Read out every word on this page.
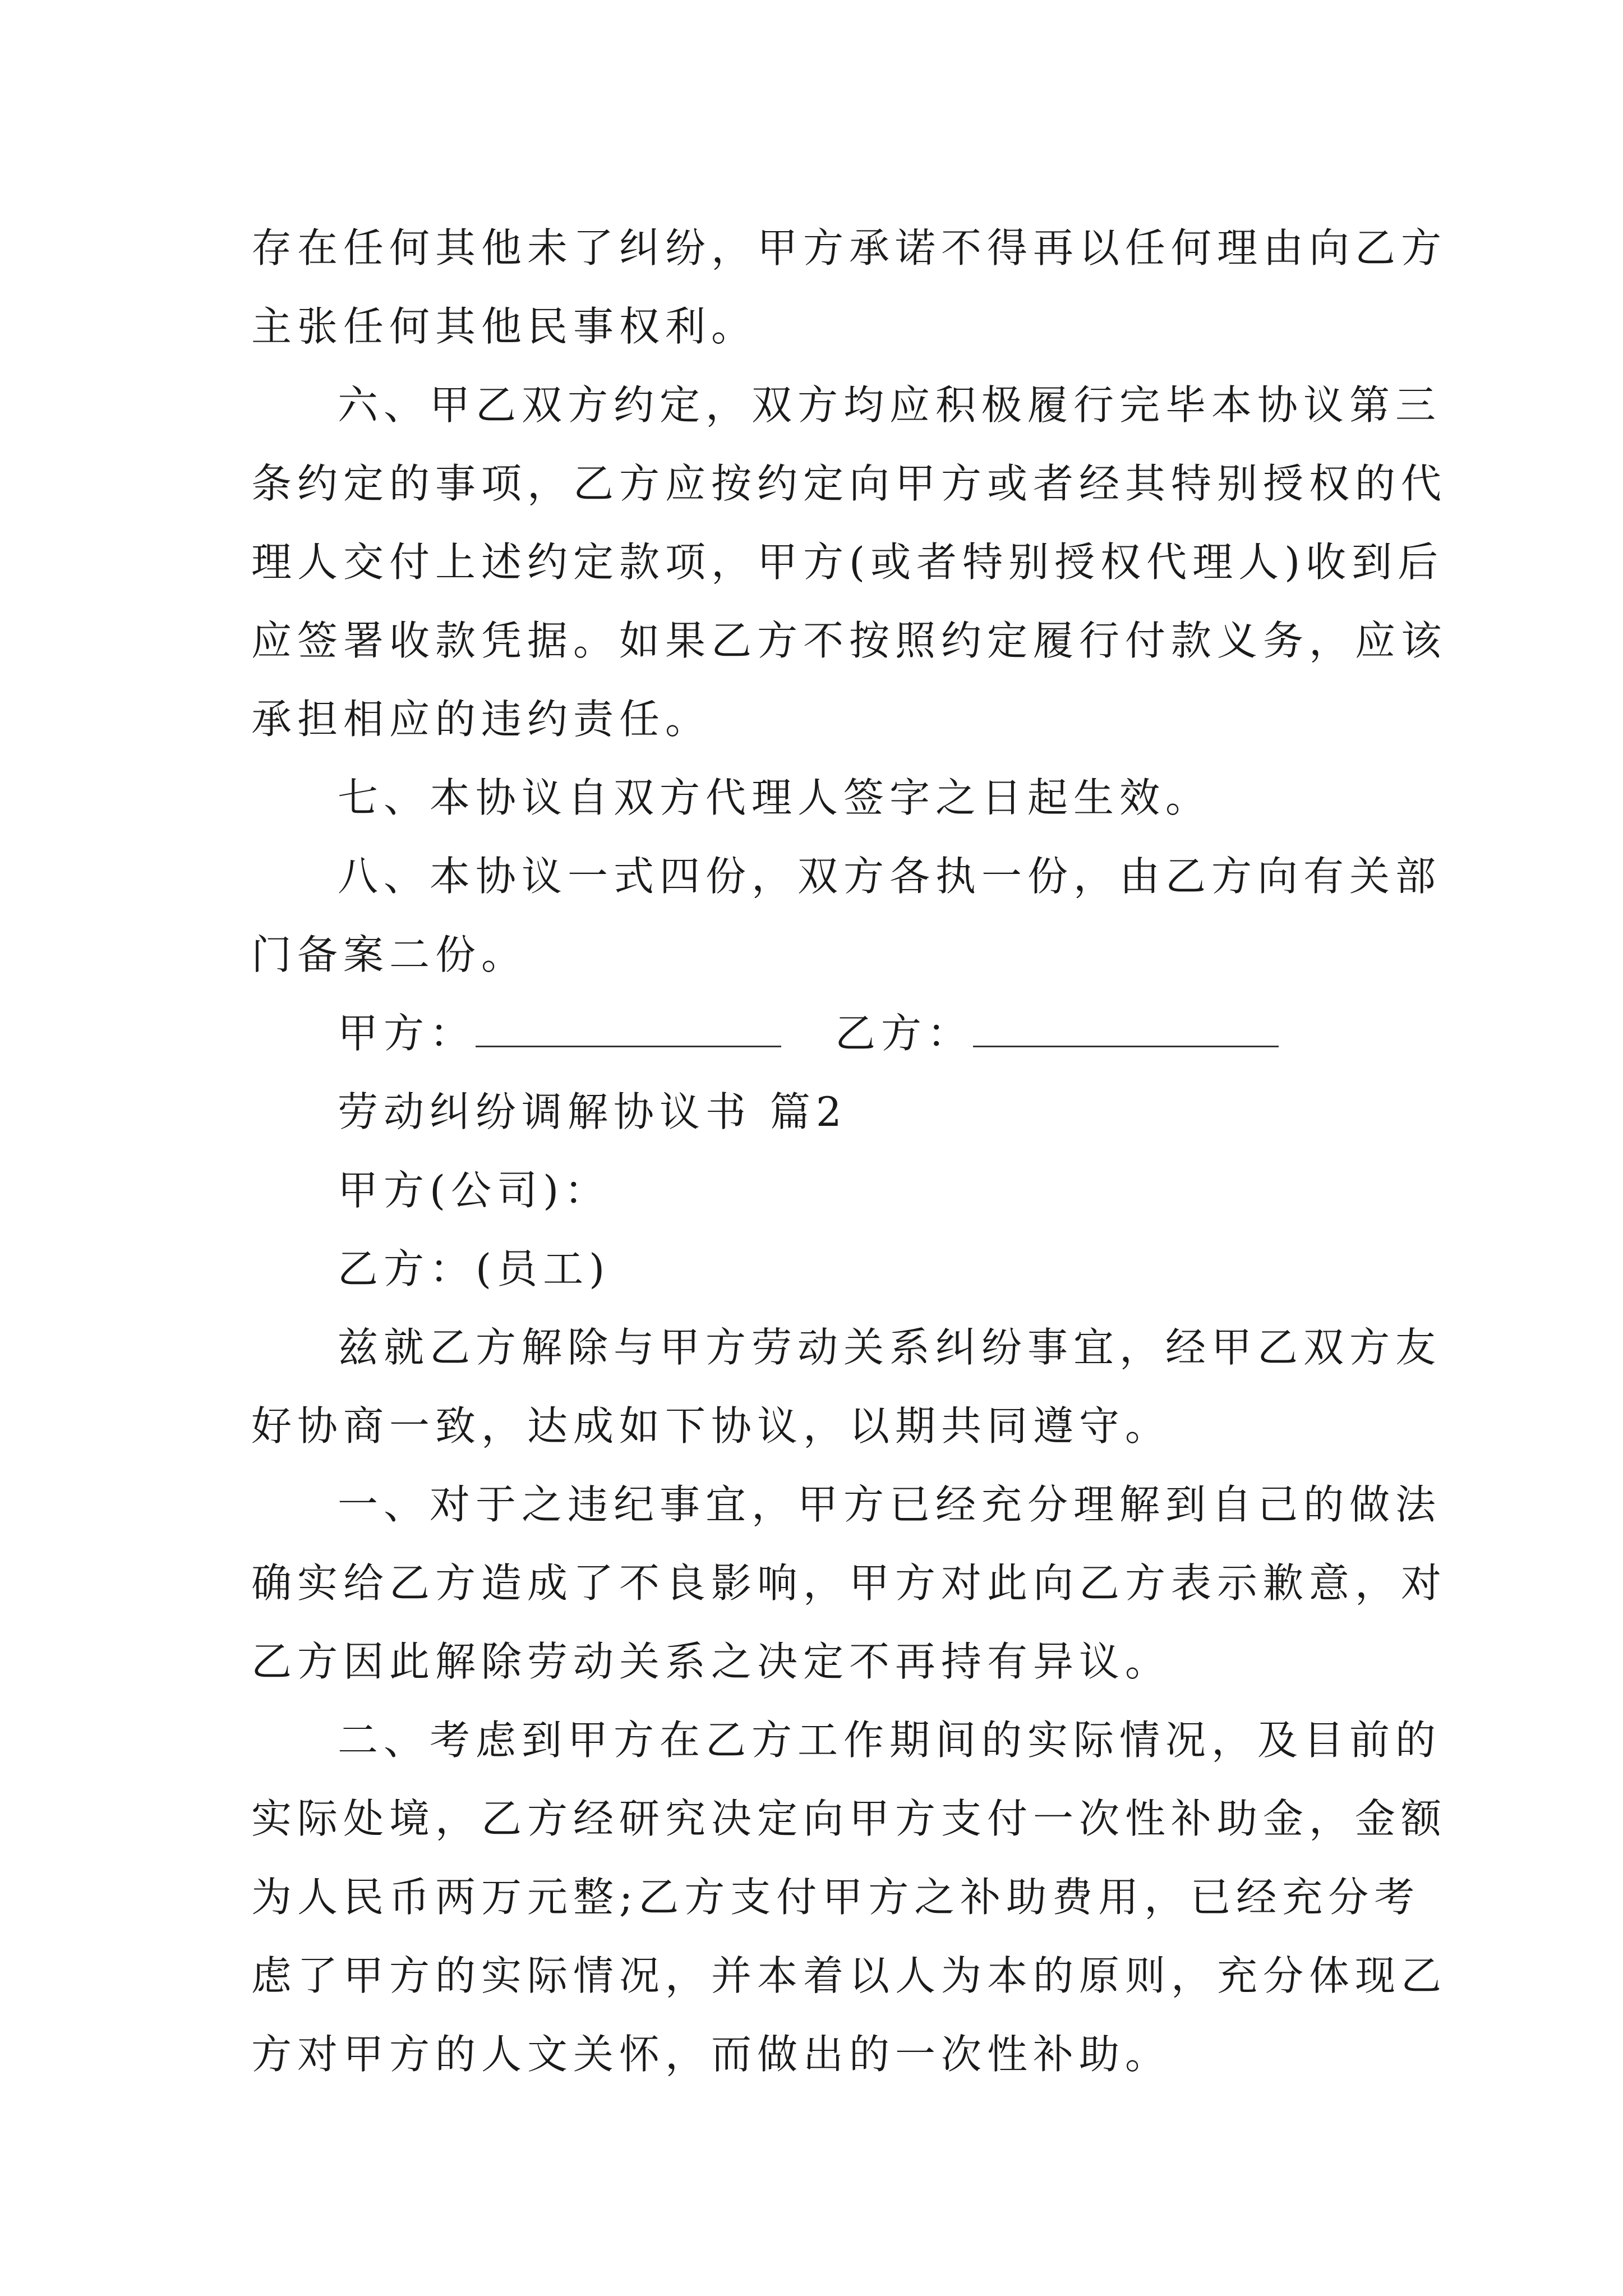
存在任何其他未了纠纷，甲方承诺不得再以任何理由向乙方
主张任何其他民事权利。
六、甲乙双方约定，双方均应积极履行完毕本协议第三
条约定的事项，乙方应按约定向甲方或者经其特别授权的代
理人交付上述约定款项，甲方(或者特别授权代理人)收到后
应签署收款凭据。如果乙方不按照约定履行付款义务，应该
承担相应的违约责任。
七、本协议自双方代理人签字之日起生效。
八、本协议一式四份，双方各执一份，由乙方向有关部
门备案二份。
甲方：	乙方：
劳动纠纷调解协议书 篇2
甲方(公司)：
乙方：(员工)
兹就乙方解除与甲方劳动关系纠纷事宜，经甲乙双方友
好协商一致，达成如下协议，以期共同遵守。
一、对于之违纪事宜，甲方已经充分理解到自己的做法
确实给乙方造成了不良影响，甲方对此向乙方表示歉意，对
乙方因此解除劳动关系之决定不再持有异议。
二、考虑到甲方在乙方工作期间的实际情况，及目前的
实际处境，乙方经研究决定向甲方支付一次性补助金，金额
为人民币两万元整;乙方支付甲方之补助费用，已经充分考
虑了甲方的实际情况，并本着以人为本的原则，充分体现乙
方对甲方的人文关怀，而做出的一次性补助。
